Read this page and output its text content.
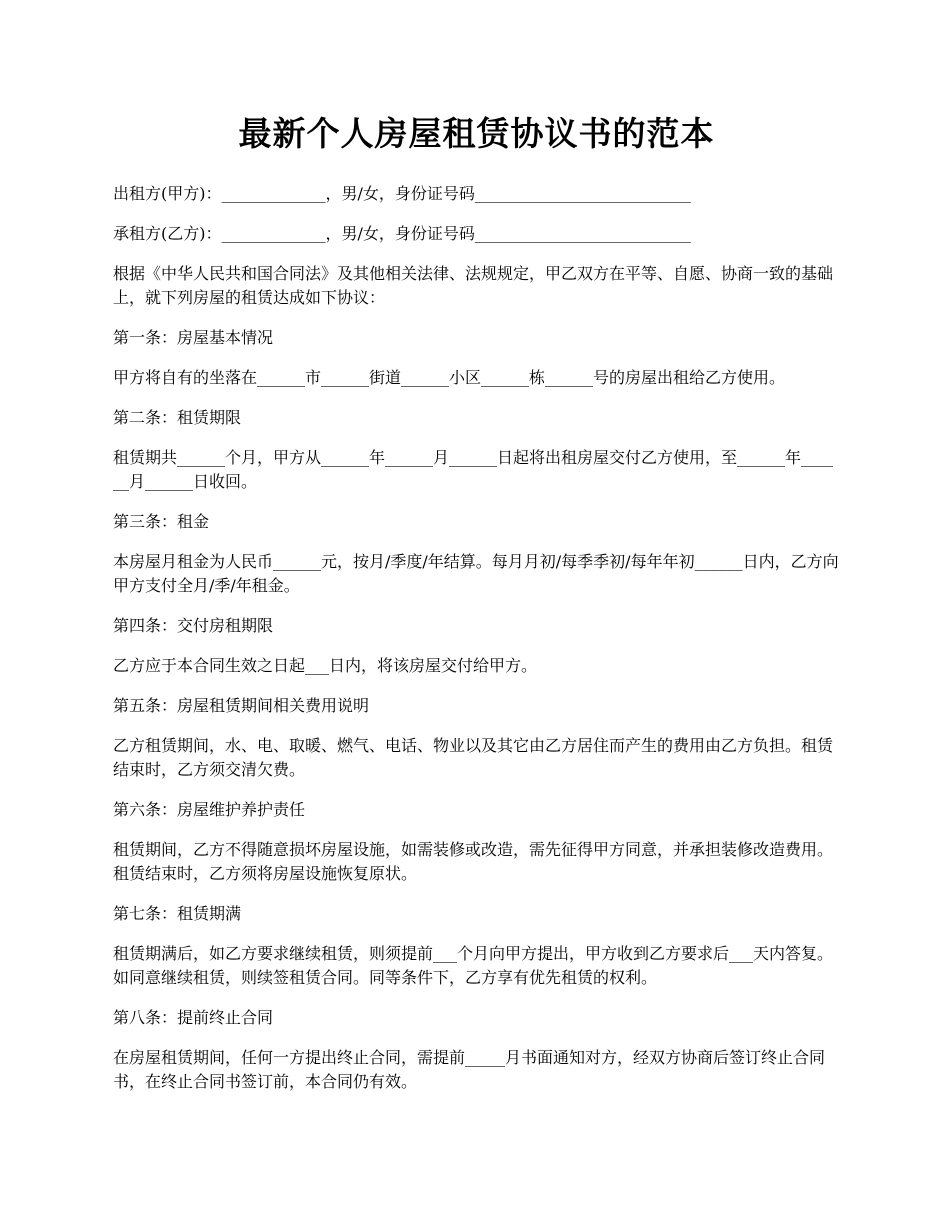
最新个人房屋租赁协议书的范本

出租方(甲方)：_____________，男/女，身份证号码___________________________

承租方(乙方)：_____________，男/女，身份证号码___________________________

根据《中华人民共和国合同法》及其他相关法律、法规规定，甲乙双方在平等、自愿、协商一致的基础上，就下列房屋的租赁达成如下协议：

第一条：房屋基本情况

甲方将自有的坐落在______市______街道______小区______栋______号的房屋出租给乙方使用。

第二条：租赁期限

租赁期共______个月，甲方从______年______月______日起将出租房屋交付乙方使用，至______年______月______日收回。

第三条：租金

本房屋月租金为人民币______元，按月/季度/年结算。每月月初/每季季初/每年年初______日内，乙方向甲方支付全月/季/年租金。

第四条：交付房租期限

乙方应于本合同生效之日起___日内，将该房屋交付给甲方。

第五条：房屋租赁期间相关费用说明

乙方租赁期间，水、电、取暖、燃气、电话、物业以及其它由乙方居住而产生的费用由乙方负担。租赁结束时，乙方须交清欠费。

第六条：房屋维护养护责任

租赁期间，乙方不得随意损坏房屋设施，如需装修或改造，需先征得甲方同意，并承担装修改造费用。租赁结束时，乙方须将房屋设施恢复原状。

第七条：租赁期满

租赁期满后，如乙方要求继续租赁，则须提前___个月向甲方提出，甲方收到乙方要求后___天内答复。如同意继续租赁，则续签租赁合同。同等条件下，乙方享有优先租赁的权利。

第八条：提前终止合同

在房屋租赁期间，任何一方提出终止合同，需提前_____月书面通知对方，经双方协商后签订终止合同书，在终止合同书签订前，本合同仍有效。
